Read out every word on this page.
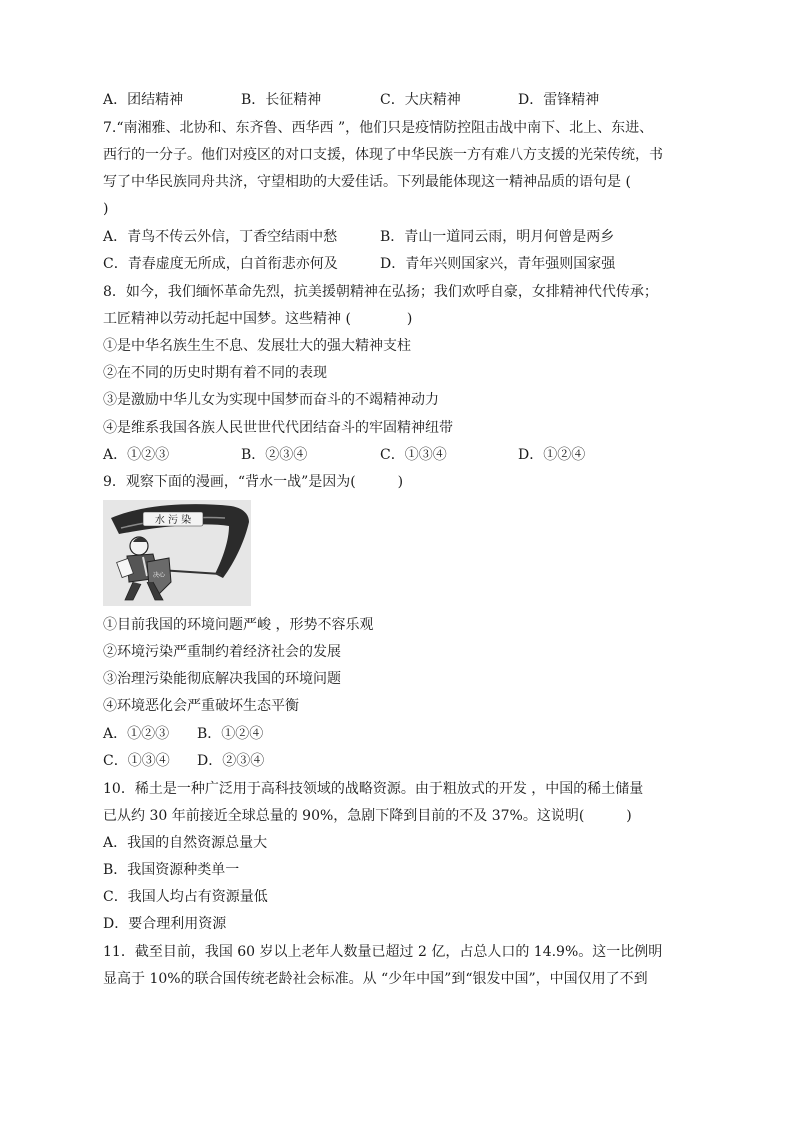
A．团结精神	B．长征精神	C．大庆精神	D．雷锋精神
7.“南湘雅、北协和、东齐鲁、西华西 ”，他们只是疫情防控阻击战中南下、北上、东进、
西行的一分子。他们对疫区的对口支援，体现了中华民族一方有难八方支援的光荣传统，书
写了中华民族同舟共济，守望相助的大爱佳话。下列最能体现这一精神品质的语句是 (
)
A．青鸟不传云外信，丁香空结雨中愁	B．青山一道同云雨，明月何曾是两乡
C．青春虚度无所成，白首衔悲亦何及	D．青年兴则国家兴，青年强则国家强
8．如今，我们缅怀革命先烈，抗美援朝精神在弘扬；我们欢呼自豪，女排精神代代传承；
工匠精神以劳动托起中国梦。这些精神 (　　　　)
①是中华名族生生不息、发展壮大的强大精神支柱
②在不同的历史时期有着不同的表现
③是激励中华儿女为实现中国梦而奋斗的不竭精神动力
④是维系我国各族人民世世代代团结奋斗的牢固精神纽带
A．①②③	B．②③④	C．①③④	D．①②④
9．观察下面的漫画，“背水一战”是因为(　　　)
水 污 染
决心
①目前我国的环境问题严峻 ，形势不容乐观
②环境污染严重制约着经济社会的发展
③治理污染能彻底解决我国的环境问题
④环境恶化会严重破坏生态平衡
A．①②③ B．①②④
C．①③④ D．②③④
10．稀土是一种广泛用于高科技领域的战略资源。由于粗放式的开发 ，中国的稀土储量
已从约 30 年前接近全球总量的 90%，急剧下降到目前的不及 37%。这说明(　　　)
A．我国的自然资源总量大
B．我国资源种类单一
C．我国人均占有资源量低
D．要合理利用资源
11．截至目前，我国 60 岁以上老年人数量已超过 2 亿，占总人口的 14.9%。这一比例明
显高于 10%的联合国传统老龄社会标准。从 “少年中国”到“银发中国”，中国仅用了不到
